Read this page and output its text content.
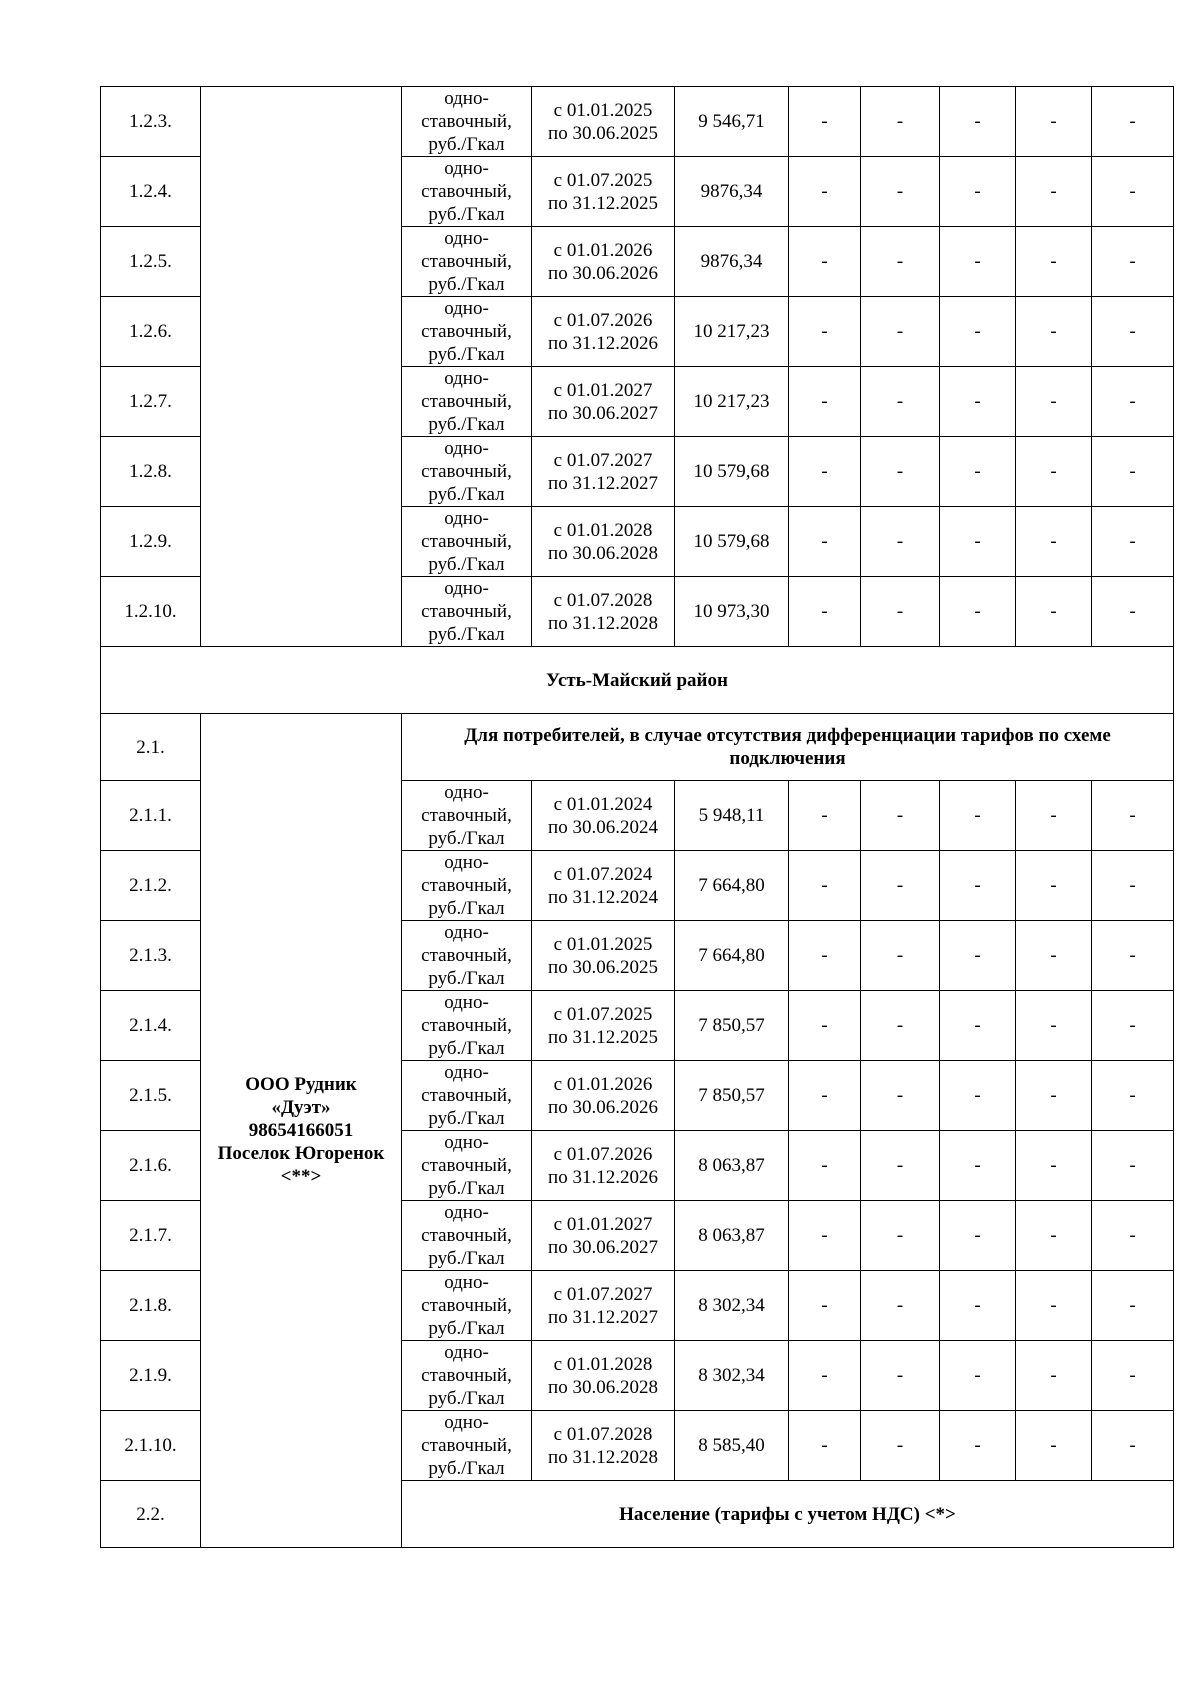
1.2.3.		одно-
ставочный,
руб./Гкал	с 01.01.2025
по 30.06.2025	9 546,71	-	-	-	-	-
1.2.4.		одно-
ставочный,
руб./Гкал	с 01.07.2025
по 31.12.2025	9876,34	-	-	-	-	-
1.2.5.		одно-
ставочный,
руб./Гкал	с 01.01.2026
по 30.06.2026	9876,34	-	-	-	-	-
1.2.6.		одно-
ставочный,
руб./Гкал	с 01.07.2026
по 31.12.2026	10 217,23	-	-	-	-	-
1.2.7.		одно-
ставочный,
руб./Гкал	с 01.01.2027
по 30.06.2027	10 217,23	-	-	-	-	-
1.2.8.		одно-
ставочный,
руб./Гкал	с 01.07.2027
по 31.12.2027	10 579,68	-	-	-	-	-
1.2.9.		одно-
ставочный,
руб./Гкал	с 01.01.2028
по 30.06.2028	10 579,68	-	-	-	-	-
1.2.10.		одно-
ставочный,
руб./Гкал	с 01.07.2028
по 31.12.2028	10 973,30	-	-	-	-	-
Усть-Майский район									
2.1.	ООО Рудник
«Дуэт»
98654166051
Поселок Югоренок
<**>	Для потребителей, в случае отсутствия дифференциации тарифов по схеме подключения							
2.1.1.		одно-
ставочный,
руб./Гкал	с 01.01.2024
по 30.06.2024	5 948,11	-	-	-	-	-
2.1.2.		одно-
ставочный,
руб./Гкал	с 01.07.2024
по 31.12.2024	7 664,80	-	-	-	-	-
2.1.3.		одно-
ставочный,
руб./Гкал	с 01.01.2025
по 30.06.2025	7 664,80	-	-	-	-	-
2.1.4.		одно-
ставочный,
руб./Гкал	с 01.07.2025
по 31.12.2025	7 850,57	-	-	-	-	-
2.1.5.		одно-
ставочный,
руб./Гкал	с 01.01.2026
по 30.06.2026	7 850,57	-	-	-	-	-
2.1.6.		одно-
ставочный,
руб./Гкал	с 01.07.2026
по 31.12.2026	8 063,87	-	-	-	-	-
2.1.7.		одно-
ставочный,
руб./Гкал	с 01.01.2027
по 30.06.2027	8 063,87	-	-	-	-	-
2.1.8.		одно-
ставочный,
руб./Гкал	с 01.07.2027
по 31.12.2027	8 302,34	-	-	-	-	-
2.1.9.		одно-
ставочный,
руб./Гкал	с 01.01.2028
по 30.06.2028	8 302,34	-	-	-	-	-
2.1.10.		одно-
ставочный,
руб./Гкал	с 01.07.2028
по 31.12.2028	8 585,40	-	-	-	-	-
2.2.		Население (тарифы с учетом НДС) <*>							
